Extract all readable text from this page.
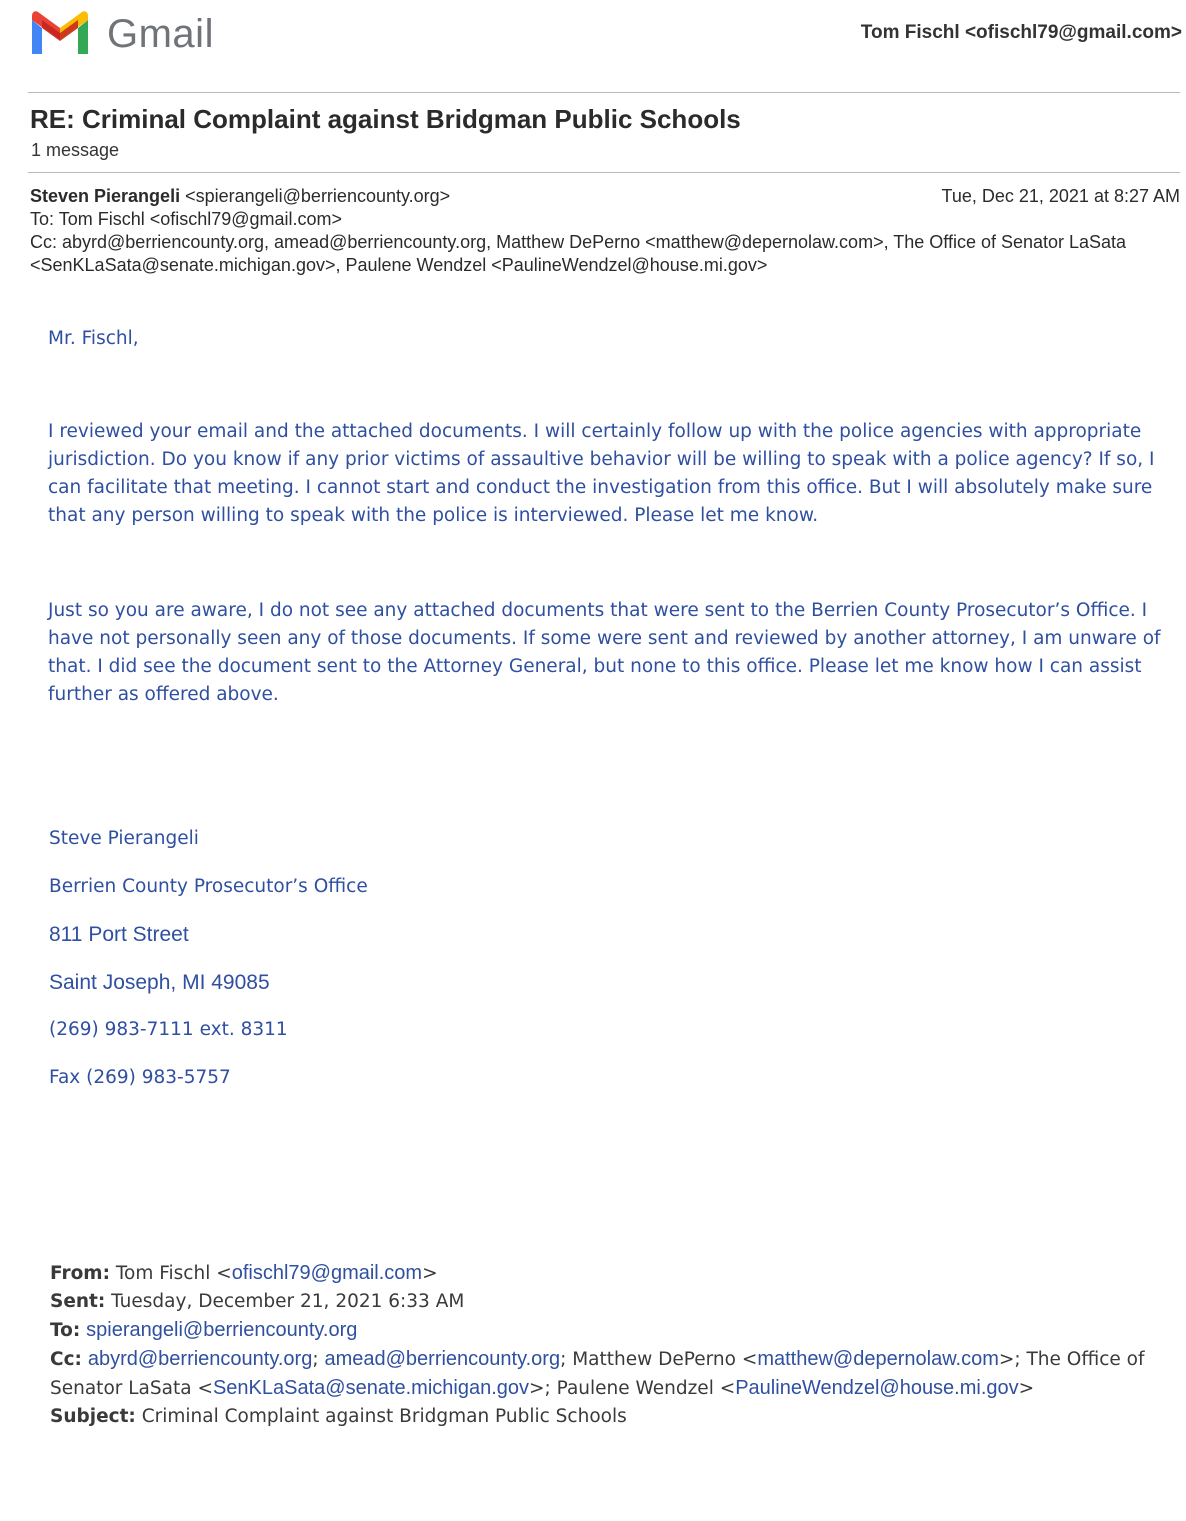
Gmail	Tom Fischl <ofischl79@gmail.com>
RE: Criminal Complaint against Bridgman Public Schools
1 message
Steven Pierangeli <spierangeli@berriencounty.org>	Tue, Dec 21, 2021 at 8:27 AM
To: Tom Fischl <ofischl79@gmail.com>
Cc: abyrd@berriencounty.org, amead@berriencounty.org, Matthew DePerno <matthew@depernolaw.com>, The Office of Senator LaSata <SenKLaSata@senate.michigan.gov>, Paulene Wendzel <PaulineWendzel@house.mi.gov>
Mr. Fischl,
I reviewed your email and the attached documents. I will certainly follow up with the police agencies with appropriate jurisdiction. Do you know if any prior victims of assaultive behavior will be willing to speak with a police agency? If so, I can facilitate that meeting. I cannot start and conduct the investigation from this office. But I will absolutely make sure that any person willing to speak with the police is interviewed. Please let me know.
Just so you are aware, I do not see any attached documents that were sent to the Berrien County Prosecutor’s Office. I have not personally seen any of those documents. If some were sent and reviewed by another attorney, I am unware of that. I did see the document sent to the Attorney General, but none to this office. Please let me know how I can assist further as offered above.
Steve Pierangeli
Berrien County Prosecutor’s Office
811 Port Street
Saint Joseph, MI 49085
(269) 983-7111 ext. 8311
Fax (269) 983-5757
From: Tom Fischl <ofischl79@gmail.com>
Sent: Tuesday, December 21, 2021 6:33 AM
To: spierangeli@berriencounty.org
Cc: abyrd@berriencounty.org; amead@berriencounty.org; Matthew DePerno <matthew@depernolaw.com>; The Office of Senator LaSata <SenKLaSata@senate.michigan.gov>; Paulene Wendzel <PaulineWendzel@house.mi.gov>
Subject: Criminal Complaint against Bridgman Public Schools
